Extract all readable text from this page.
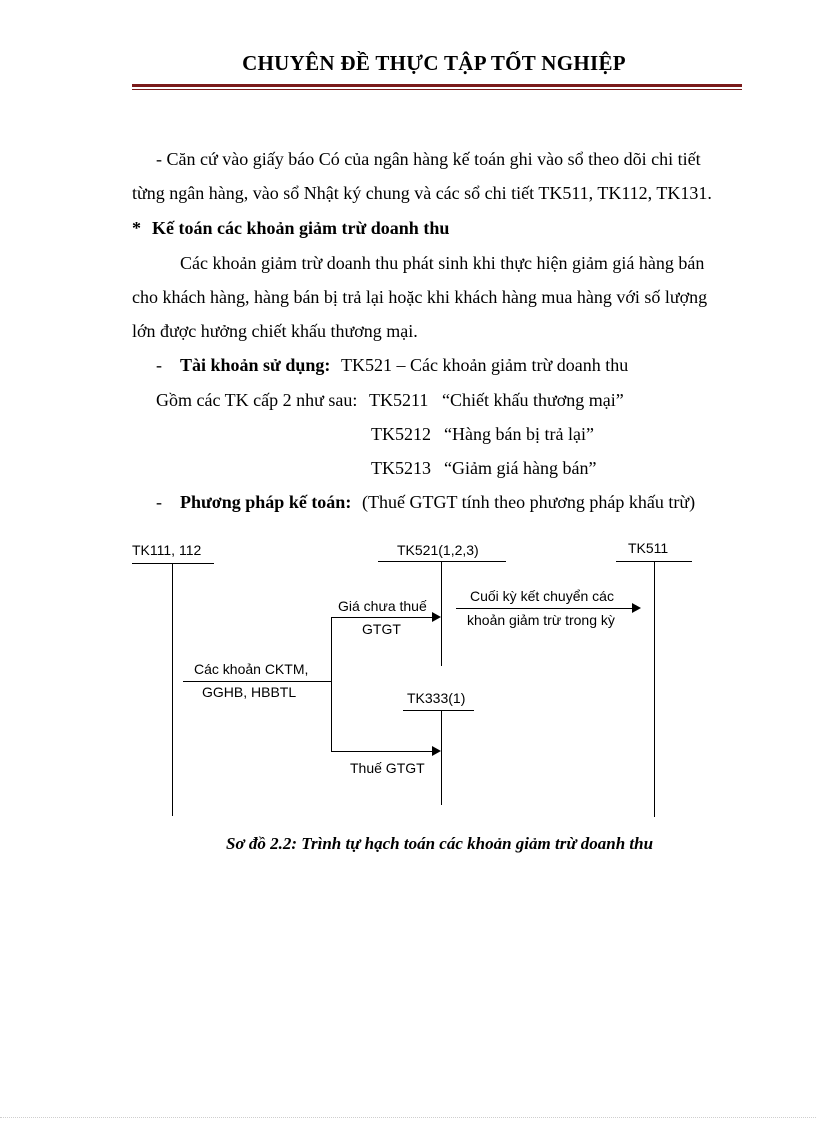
CHUYÊN ĐỀ THỰC TẬP TỐT NGHIỆP
- Căn cứ vào giấy báo Có của ngân hàng kế toán ghi vào sổ theo dõi chi tiết
từng ngân hàng, vào sổ Nhật ký chung và các sổ chi tiết TK511, TK112, TK131.
* Kế toán các khoản giảm trừ doanh thu
Các khoản giảm trừ doanh thu phát sinh khi thực hiện giảm giá hàng bán
cho khách hàng, hàng bán bị trả lại hoặc khi khách hàng mua hàng với số lượng
lớn được hưởng chiết khấu thương mại.
- Tài khoản sử dụng: TK521 – Các khoản giảm trừ doanh thu
Gồm các TK cấp 2 như sau: TK5211 “Chiết khấu thương mại”
TK5212 “Hàng bán bị trả lại”
TK5213 “Giảm giá hàng bán”
- Phương pháp kế toán: (Thuế GTGT tính theo phương pháp khấu trừ)
TK111, 112	TK521(1,2,3)	TK511
Các khoản CKTM,
GGHB, HBBTL
Giá chưa thuế
GTGT
Cuối kỳ kết chuyển các
khoản giảm trừ trong kỳ
TK333(1)
Thuế GTGT
Sơ đồ 2.2: Trình tự hạch toán các khoản giảm trừ doanh thu
